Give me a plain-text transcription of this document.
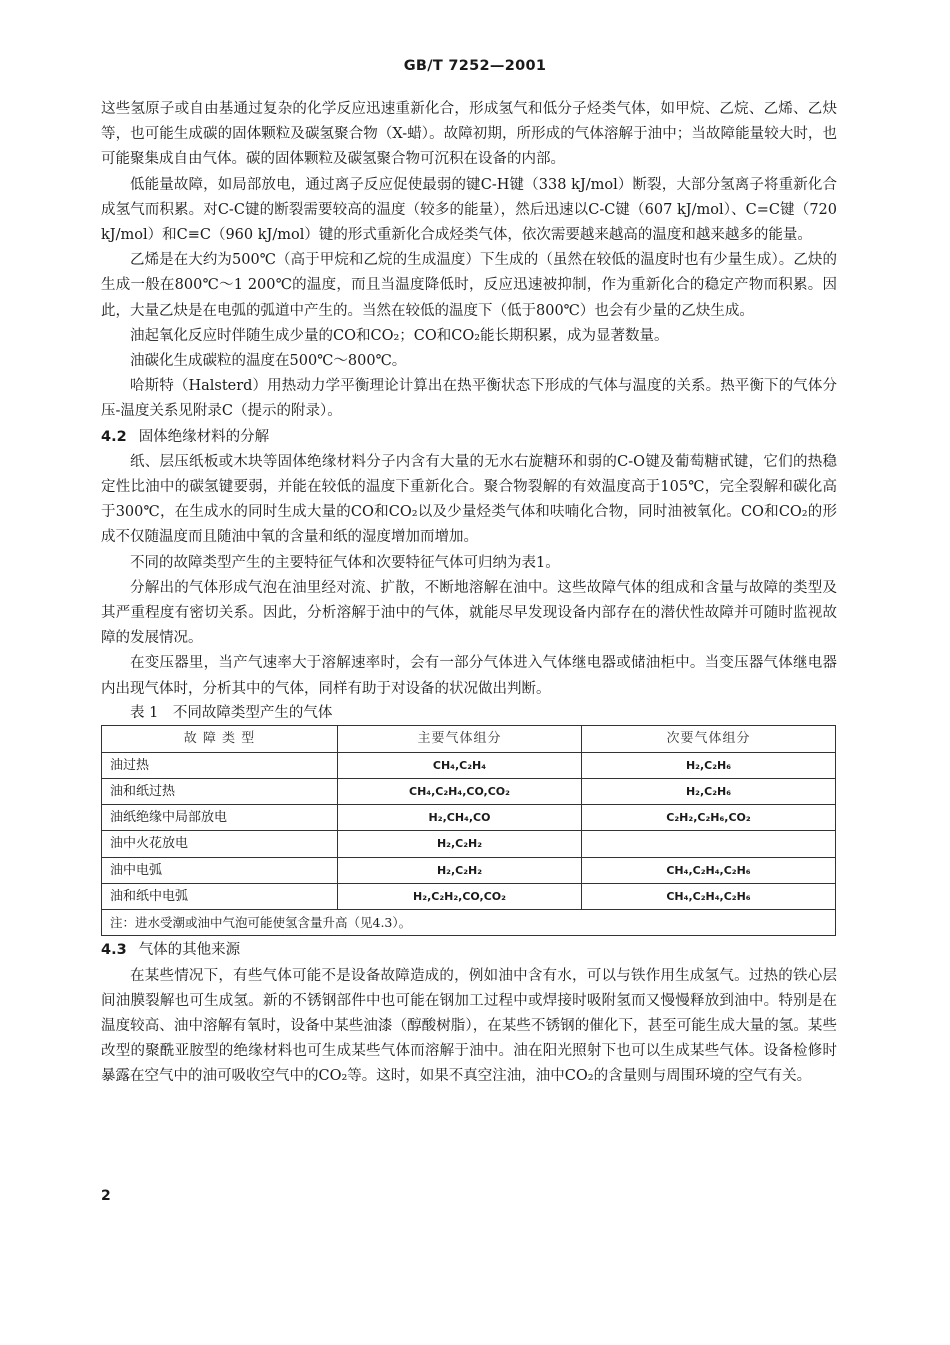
GB/T 7252—2001

这些氢原子或自由基通过复杂的化学反应迅速重新化合，形成氢气和低分子烃类气体，如甲烷、乙烷、乙烯、乙炔等，也可能生成碳的固体颗粒及碳氢聚合物（X-蜡）。故障初期，所形成的气体溶解于油中；当故障能量较大时，也可能聚集成自由气体。碳的固体颗粒及碳氢聚合物可沉积在设备的内部。

低能量故障，如局部放电，通过离子反应促使最弱的键C-H键（338 kJ/mol）断裂，大部分氢离子将重新化合成氢气而积累。对C-C键的断裂需要较高的温度（较多的能量），然后迅速以C-C键（607 kJ/mol）、C=C键（720 kJ/mol）和C≡C（960 kJ/mol）键的形式重新化合成烃类气体，依次需要越来越高的温度和越来越多的能量。

乙烯是在大约为500℃（高于甲烷和乙烷的生成温度）下生成的（虽然在较低的温度时也有少量生成）。乙炔的生成一般在800℃～1 200℃的温度，而且当温度降低时，反应迅速被抑制，作为重新化合的稳定产物而积累。因此，大量乙炔是在电弧的弧道中产生的。当然在较低的温度下（低于800℃）也会有少量的乙炔生成。

油起氧化反应时伴随生成少量的CO和CO₂；CO和CO₂能长期积累，成为显著数量。

油碳化生成碳粒的温度在500℃～800℃。

哈斯特（Halsterd）用热动力学平衡理论计算出在热平衡状态下形成的气体与温度的关系。热平衡下的气体分压-温度关系见附录C（提示的附录）。

4.2 固体绝缘材料的分解

纸、层压纸板或木块等固体绝缘材料分子内含有大量的无水右旋糖环和弱的C-O键及葡萄糖甙键，它们的热稳定性比油中的碳氢键要弱，并能在较低的温度下重新化合。聚合物裂解的有效温度高于105℃，完全裂解和碳化高于300℃，在生成水的同时生成大量的CO和CO₂以及少量烃类气体和呋喃化合物，同时油被氧化。CO和CO₂的形成不仅随温度而且随油中氧的含量和纸的湿度增加而增加。

不同的故障类型产生的主要特征气体和次要特征气体可归纳为表1。

分解出的气体形成气泡在油里经对流、扩散，不断地溶解在油中。这些故障气体的组成和含量与故障的类型及其严重程度有密切关系。因此，分析溶解于油中的气体，就能尽早发现设备内部存在的潜伏性故障并可随时监视故障的发展情况。

在变压器里，当产气速率大于溶解速率时，会有一部分气体进入气体继电器或储油柜中。当变压器气体继电器内出现气体时，分析其中的气体，同样有助于对设备的状况做出判断。

表 1　不同故障类型产生的气体

故 障 类 型	主要气体组分	次要气体组分
油过热	CH₄,C₂H₄	H₂,C₂H₆
油和纸过热	CH₄,C₂H₄,CO,CO₂	H₂,C₂H₆
油纸绝缘中局部放电	H₂,CH₄,CO	C₂H₂,C₂H₆,CO₂
油中火花放电	H₂,C₂H₂	
油中电弧	H₂,C₂H₂	CH₄,C₂H₄,C₂H₆
油和纸中电弧	H₂,C₂H₂,CO,CO₂	CH₄,C₂H₄,C₂H₆
注：进水受潮或油中气泡可能使氢含量升高（见4.3）。		
4.3 气体的其他来源

在某些情况下，有些气体可能不是设备故障造成的，例如油中含有水，可以与铁作用生成氢气。过热的铁心层间油膜裂解也可生成氢。新的不锈钢部件中也可能在钢加工过程中或焊接时吸附氢而又慢慢释放到油中。特别是在温度较高、油中溶解有氧时，设备中某些油漆（醇酸树脂），在某些不锈钢的催化下，甚至可能生成大量的氢。某些改型的聚酰亚胺型的绝缘材料也可生成某些气体而溶解于油中。油在阳光照射下也可以生成某些气体。设备检修时暴露在空气中的油可吸收空气中的CO₂等。这时，如果不真空注油，油中CO₂的含量则与周围环境的空气有关。

2
